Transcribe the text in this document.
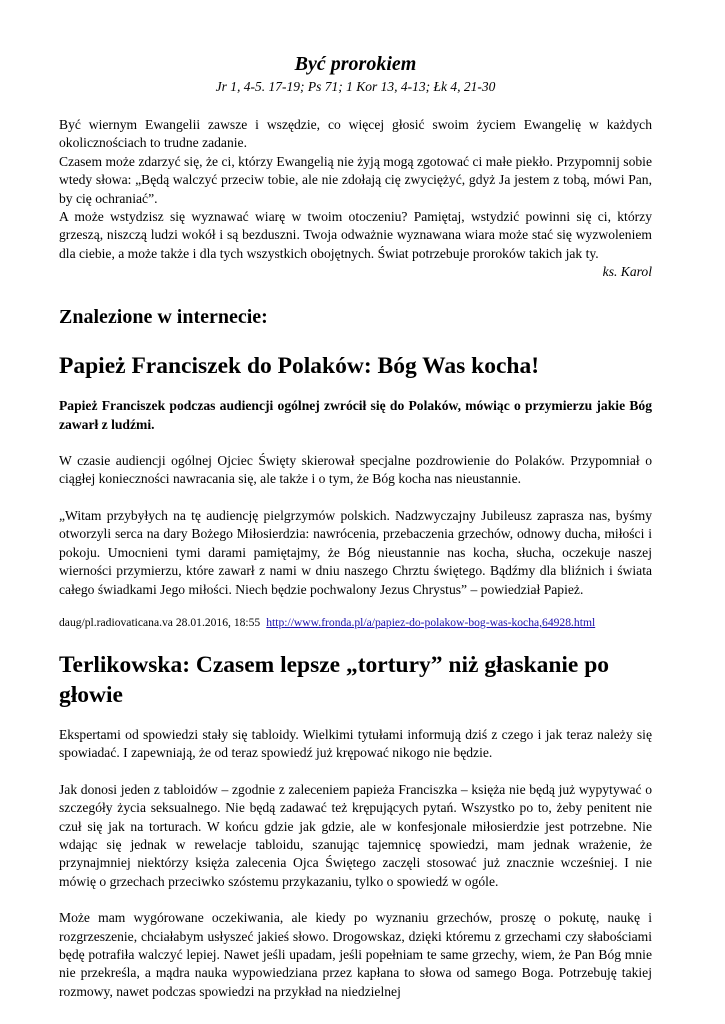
Być prorokiem

Jr 1, 4-5. 17-19; Ps 71; 1 Kor 13, 4-13; Łk 4, 21-30

Być wiernym Ewangelii zawsze i wszędzie, co więcej głosić swoim życiem Ewangelię w każdych okolicznościach to trudne zadanie.

Czasem może zdarzyć się, że ci, którzy Ewangelią nie żyją mogą zgotować ci małe piekło. Przypomnij sobie wtedy słowa: „Będą walczyć przeciw tobie, ale nie zdołają cię zwyciężyć, gdyż Ja jestem z tobą, mówi Pan, by cię ochraniać”.

A może wstydzisz się wyznawać wiarę w twoim otoczeniu? Pamiętaj, wstydzić powinni się ci, którzy grzeszą, niszczą ludzi wokół i są bezduszni. Twoja odważnie wyznawana wiara może stać się wyzwoleniem dla ciebie, a może także i dla tych wszystkich obojętnych. Świat potrzebuje proroków takich jak ty.

ks. Karol

Znalezione w internecie:
Papież Franciszek do Polaków: Bóg Was kocha!

Papież Franciszek podczas audiencji ogólnej zwrócił się do Polaków, mówiąc o przymierzu jakie Bóg zawarł z ludźmi.

W czasie audiencji ogólnej Ojciec Święty skierował specjalne pozdrowienie do Polaków. Przypomniał o ciągłej konieczności nawracania się, ale także i o tym, że Bóg kocha nas nieustannie.

„Witam przybyłych na tę audiencję pielgrzymów polskich. Nadzwyczajny Jubileusz zaprasza nas, byśmy otworzyli serca na dary Bożego Miłosierdzia: nawrócenia, przebaczenia grzechów, odnowy ducha, miłości i pokoju. Umocnieni tymi darami pamiętajmy, że Bóg nieustannie nas kocha, słucha, oczekuje naszej wierności przymierzu, które zawarł z nami w dniu naszego Chrztu świętego. Bądźmy dla bliźnich i świata całego świadkami Jego miłości. Niech będzie pochwalony Jezus Chrystus” – powiedział Papież.

daug/pl.radiovaticana.va 28.01.2016, 18:55 http://www.fronda.pl/a/papiez-do-polakow-bog-was-kocha,64928.html

Terlikowska: Czasem lepsze „tortury” niż głaskanie po głowie

Ekspertami od spowiedzi stały się tabloidy. Wielkimi tytułami informują dziś z czego i jak teraz należy się spowiadać. I zapewniają, że od teraz spowiedź już krępować nikogo nie będzie.

Jak donosi jeden z tabloidów – zgodnie z zaleceniem papieża Franciszka – księża nie będą już wypytywać o szczegóły życia seksualnego. Nie będą zadawać też krępujących pytań. Wszystko po to, żeby penitent nie czuł się jak na torturach. W końcu gdzie jak gdzie, ale w konfesjonale miłosierdzie jest potrzebne. Nie wdając się jednak w rewelacje tabloidu, szanując tajemnicę spowiedzi, mam jednak wrażenie, że przynajmniej niektórzy księża zalecenia Ojca Świętego zaczęli stosować już znacznie wcześniej. I nie mówię o grzechach przeciwko szóstemu przykazaniu, tylko o spowiedź w ogóle.

Może mam wygórowane oczekiwania, ale kiedy po wyznaniu grzechów, proszę o pokutę, naukę i rozgrzeszenie, chciałabym usłyszeć jakieś słowo. Drogowskaz, dzięki któremu z grzechami czy słabościami będę potrafiła walczyć lepiej. Nawet jeśli upadam, jeśli popełniam te same grzechy, wiem, że Pan Bóg mnie nie przekreśla, a mądra nauka wypowiedziana przez kapłana to słowa od samego Boga. Potrzebuję takiej rozmowy, nawet podczas spowiedzi na przykład na niedzielnej
